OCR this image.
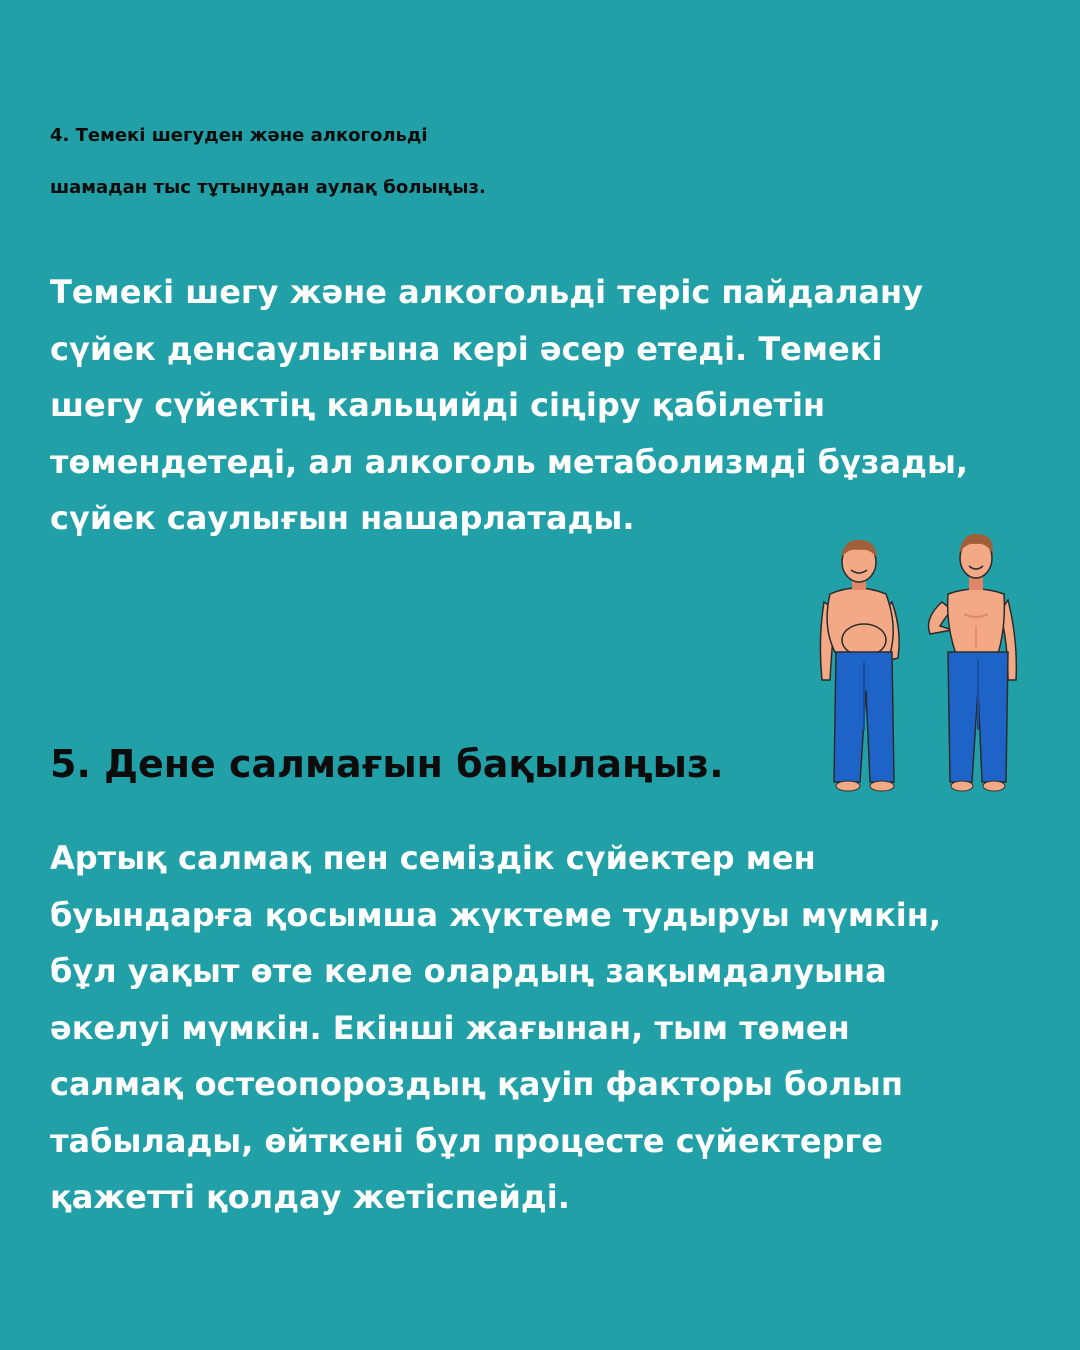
4. Темекі шегуден және алкогольді
шамадан тыс тұтынудан аулақ болыңыз.

Темекі шегу және алкогольді теріс пайдалану
сүйек денсаулығына кері әсер етеді. Темекі
шегу сүйектің кальцийді сіңіру қабілетін
төмендетеді, ал алкоголь метаболизмді бұзады,
сүйек саулығын нашарлатады.

5. Дене салмағын бақылаңыз.

Артық салмақ пен семіздік сүйектер мен
буындарға қосымша жүктеме тудыруы мүмкін,
бұл уақыт өте келе олардың зақымдалуына
әкелуі мүмкін. Екінші жағынан, тым төмен
салмақ остеопороздың қауіп факторы болып
табылады, өйткені бұл процесте сүйектерге
қажетті қолдау жетіспейді.
